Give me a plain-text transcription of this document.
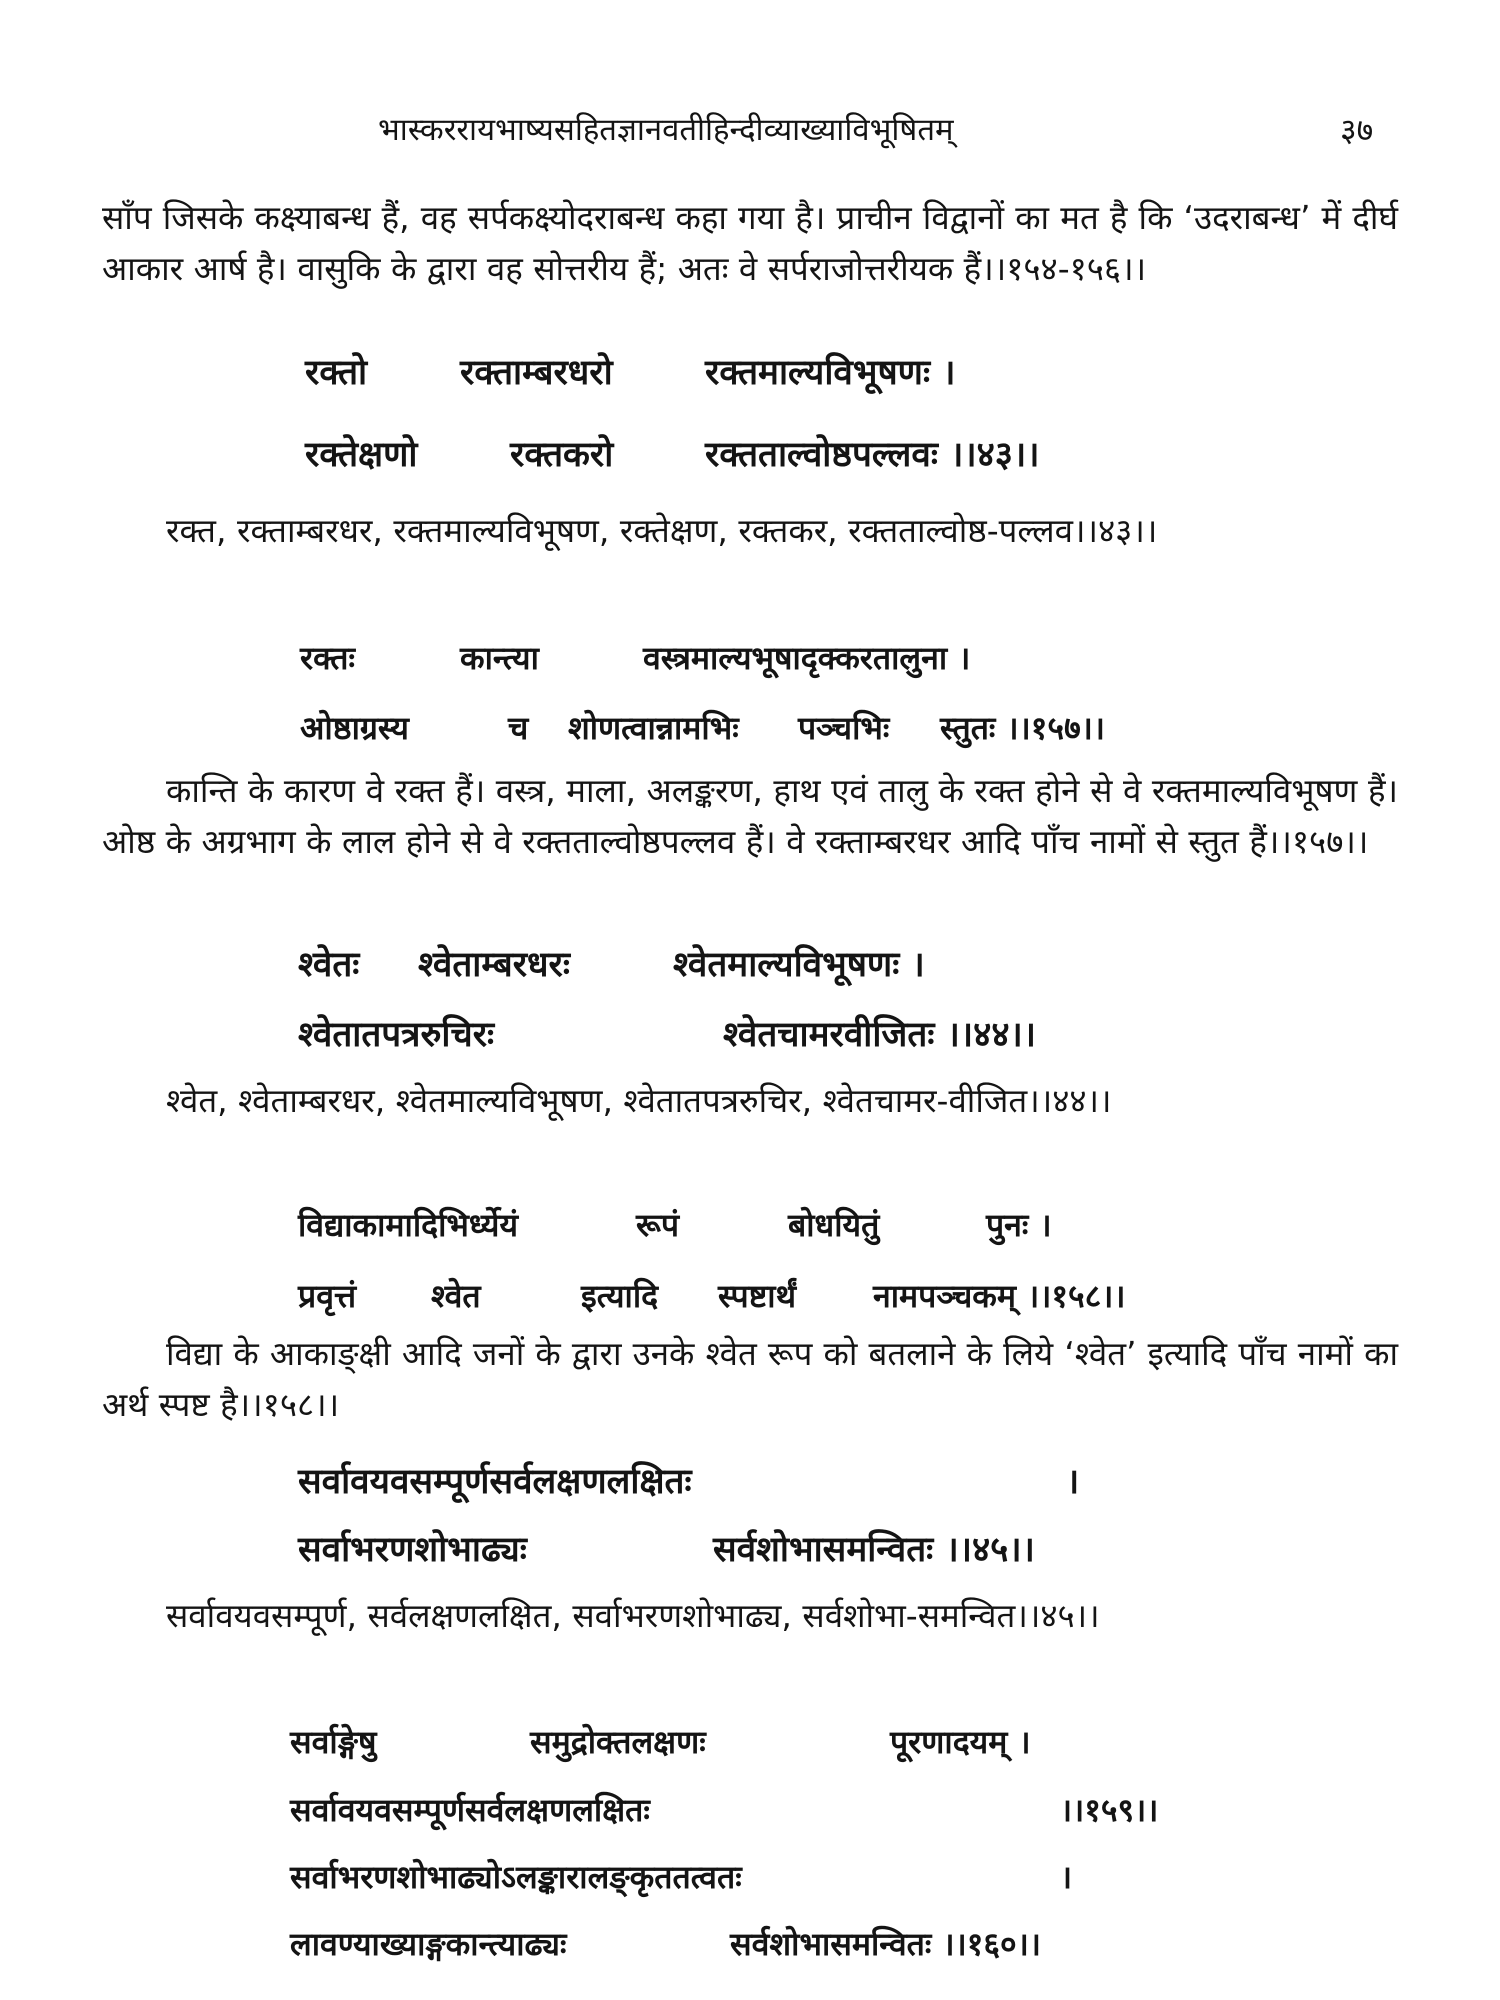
भास्कररायभाष्यसहितज्ञानवतीहिन्दीव्याख्याविभूषितम्	३७

साँप जिसके कक्ष्याबन्ध हैं, वह सर्पकक्ष्योदराबन्ध कहा गया है। प्राचीन विद्वानों का मत है कि ‘उदराबन्ध’ में दीर्घ आकार आर्ष है। वासुकि के द्वारा वह सोत्तरीय हैं; अतः वे सर्पराजोत्तरीयक हैं।।१५४-१५६।।

रक्तो	रक्ताम्बरधरो	रक्तमाल्यविभूषणः ।
रक्तेक्षणो	रक्तकरो	रक्तताल्वोष्ठपल्लवः ।।४३।।

रक्त, रक्ताम्बरधर, रक्तमाल्यविभूषण, रक्तेक्षण, रक्तकर, रक्तताल्वोष्ठ-पल्लव।।४३।।

रक्तः	कान्त्या	वस्त्रमाल्यभूषादृक्करतालुना ।
ओष्ठाग्रस्य	च शोणत्वान्नामभिः पञ्चभिः स्तुतः ।।१५७।।

कान्ति के कारण वे रक्त हैं। वस्त्र, माला, अलङ्करण, हाथ एवं तालु के रक्त होने से वे रक्तमाल्यविभूषण हैं। ओष्ठ के अग्रभाग के लाल होने से वे रक्तताल्वोष्ठपल्लव हैं। वे रक्ताम्बरधर आदि पाँच नामों से स्तुत हैं।।१५७।।

श्वेतः श्वेताम्बरधरः	श्वेतमाल्यविभूषणः ।
श्वेतातपत्ररुचिरः	श्वेतचामरवीजितः ।।४४।।

श्वेत, श्वेताम्बरधर, श्वेतमाल्यविभूषण, श्वेतातपत्ररुचिर, श्वेतचामर-वीजित।।४४।।

विद्याकामादिभिर्ध्येयं	रूपं	बोधयितुं	पुनः ।
प्रवृत्तं श्वेत	इत्यादि स्पष्टार्थं नामपञ्चकम् ।।१५८।।

विद्या के आकाङ्क्षी आदि जनों के द्वारा उनके श्वेत रूप को बतलाने के लिये ‘श्वेत’ इत्यादि पाँच नामों का अर्थ स्पष्ट है।।१५८।।

सर्वावयवसम्पूर्णसर्वलक्षणलक्षितः	।
सर्वाभरणशोभाढ्यः	सर्वशोभासमन्वितः ।।४५।।

सर्वावयवसम्पूर्ण, सर्वलक्षणलक्षित, सर्वाभरणशोभाढ्य, सर्वशोभा-समन्वित।।४५।।

सर्वाङ्गेषु	समुद्रोक्तलक्षणः	पूरणादयम् ।
सर्वावयवसम्पूर्णसर्वलक्षणलक्षितः	।।१५९।।
सर्वाभरणशोभाढ्योऽलङ्कारालङ्कृततत्वतः	।
लावण्याख्याङ्गकान्त्याढ्यः	सर्वशोभासमन्वितः ।।१६०।।
